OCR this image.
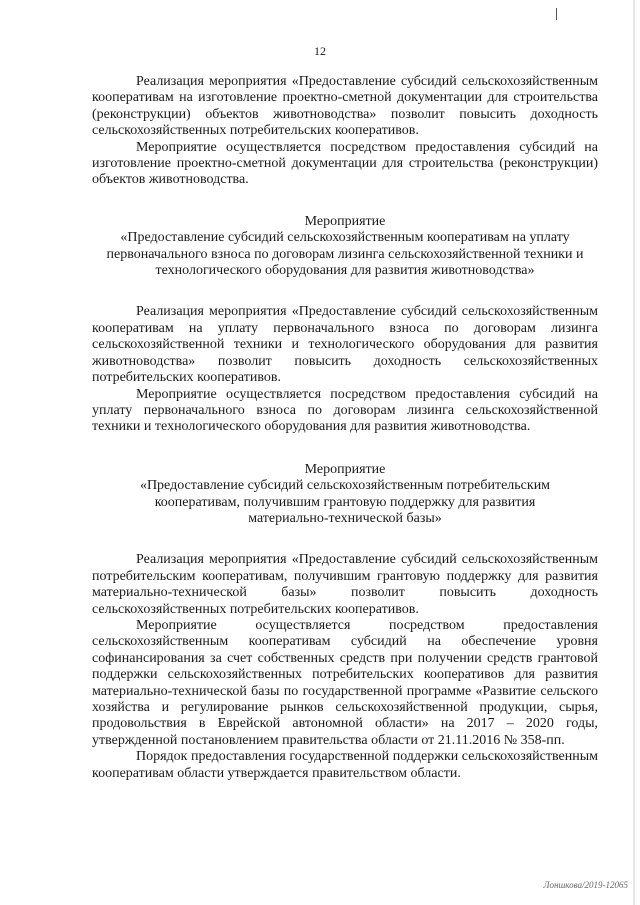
12

Реализация мероприятия «Предоставление субсидий сельскохозяйственным кооперативам на изготовление проектно-сметной документации для строительства (реконструкции) объектов животноводства» позволит повысить доходность сельскохозяйственных потребительских кооперативов.

Мероприятие осуществляется посредством предоставления субсидий на изготовление проектно-сметной документации для строительства (реконструкции) объектов животноводства.

Мероприятие

«Предоставление субсидий сельскохозяйственным кооперативам на уплату первоначального взноса по договорам лизинга сельскохозяйственной техники и технологического оборудования для развития животноводства»

Реализация мероприятия «Предоставление субсидий сельскохозяйственным кооперативам на уплату первоначального взноса по договорам лизинга сельскохозяйственной техники и технологического оборудования для развития животноводства» позволит повысить доходность сельскохозяйственных потребительских кооперативов.

Мероприятие осуществляется посредством предоставления субсидий на уплату первоначального взноса по договорам лизинга сельскохозяйственной техники и технологического оборудования для развития животноводства.

Мероприятие

«Предоставление субсидий сельскохозяйственным потребительским кооперативам, получившим грантовую поддержку для развития материально-технической базы»

Реализация мероприятия «Предоставление субсидий сельскохозяйственным потребительским кооперативам, получившим грантовую поддержку для развития материально-технической базы» позволит повысить доходность сельскохозяйственных потребительских кооперативов.

Мероприятие осуществляется посредством предоставления сельскохозяйственным кооперативам субсидий на обеспечение уровня софинансирования за счет собственных средств при получении средств грантовой поддержки сельскохозяйственных потребительских кооперативов для развития материально-технической базы по государственной программе «Развитие сельского хозяйства и регулирование рынков сельскохозяйственной продукции, сырья, продовольствия в Еврейской автономной области» на 2017 – 2020 годы, утвержденной постановлением правительства области от 21.11.2016 № 358-пп.

Порядок предоставления государственной поддержки сельскохозяйственным кооперативам области утверждается правительством области.

Лоншкова/2019-12065
